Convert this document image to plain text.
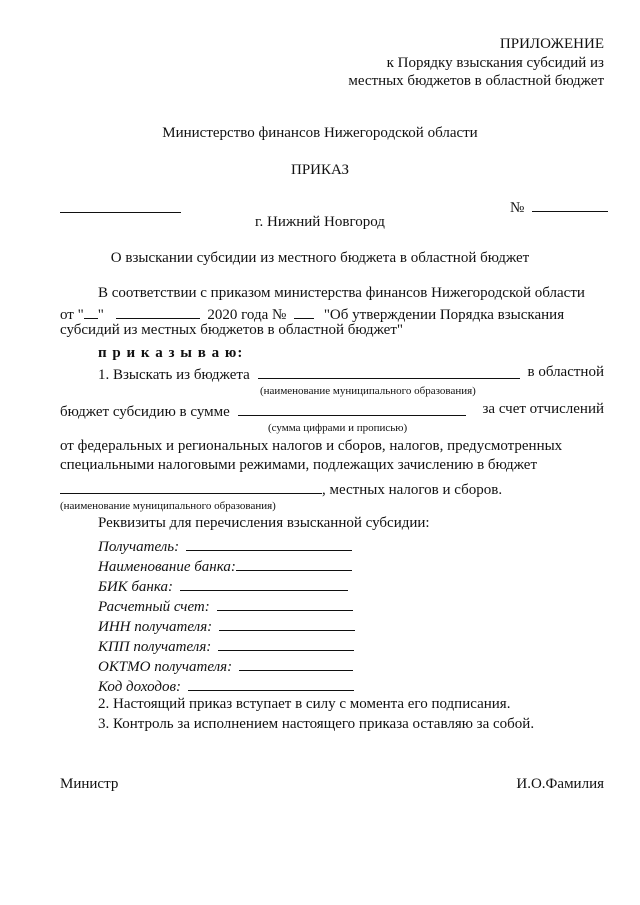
ПРИЛОЖЕНИЕ
к Порядку взыскания субсидий из
местных бюджетов в областной бюджет
Министерство финансов Нижегородской области
ПРИКАЗ
№
г. Нижний Новгород
О взыскании субсидии из местного бюджета в областной бюджет
В соответствии с приказом министерства финансов Нижегородской области
от " "	2020 года №	"Об утверждении Порядка взыскания
субсидий из местных бюджетов в областной бюджет"
п р и к а з ы в а ю:
1. Взыскать из бюджета	в областной
(наименование муниципального образования)
бюджет субсидию в сумме	за счет отчислений
(сумма цифрами и прописью)
от федеральных и региональных налогов и сборов, налогов, предусмотренных
специальными налоговыми режимами, подлежащих зачислению в бюджет
, местных налогов и сборов.
(наименование муниципального образования)
Реквизиты для перечисления взысканной субсидии:
Получатель:
Наименование банка:
БИК банка:
Расчетный счет:
ИНН получателя:
КПП получателя:
ОКТМО получателя:
Код доходов:
2. Настоящий приказ вступает в силу с момента его подписания.
3. Контроль за исполнением настоящего приказа оставляю за собой.
Министр	И.О.Фамилия
